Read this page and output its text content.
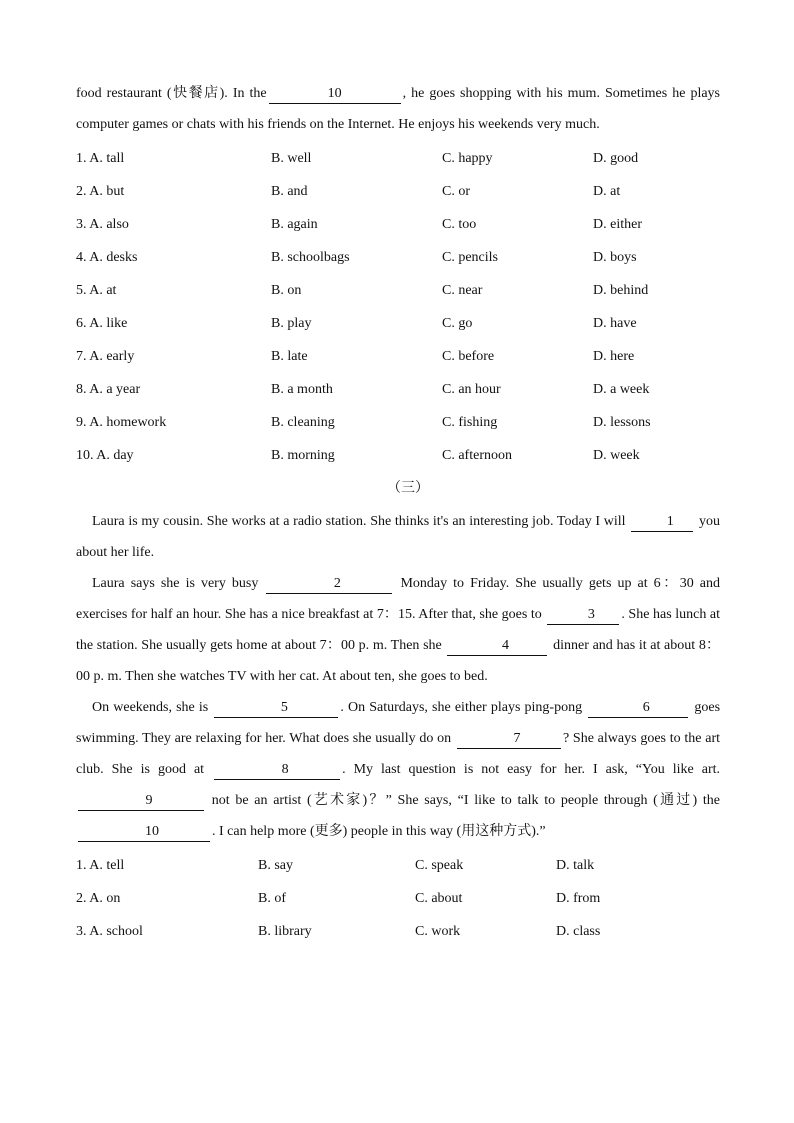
food restaurant (快餐店). In the	10	, he goes shopping with his mum. Sometimes he plays computer games or chats with his friends on the Internet. He enjoys his weekends very much.

1. A. tall	B. well	C. happy	D. good
2. A. but	B. and	C. or	D. at
3. A. also	B. again	C. too	D. either
4. A. desks	B. schoolbags	C. pencils	D. boys
5. A. at	B. on	C. near	D. behind
6. A. like	B. play	C. go	D. have
7. A. early	B. late	C. before	D. here
8. A. a year	B. a month	C. an hour	D. a week
9. A. homework	B. cleaning	C. fishing	D. lessons
10. A. day	B. morning	C. afternoon	D. week

（三）

Laura is my cousin. She works at a radio station. She thinks it's an interesting job. Today I will	1 you about her life.

Laura says she is very busy	2	Monday to Friday. She usually gets up at 6：30 and exercises for half an hour. She has a nice breakfast at 7：15. After that, she goes to	3 . She has lunch at the station. She usually gets home at about 7：00 p. m. Then she	4	dinner and has it at about 8：00 p. m. Then she watches TV with her cat. At about ten, she goes to bed.

On weekends, she is	5	. On Saturdays, she either plays ping-pong	6	goes swimming. They are relaxing for her. What does she usually do on	7	? She always goes to the art club. She is good at	8	. My last question is not easy for her. I ask, “You like art. 9	not be an artist (艺术家)？” She says, “I like to talk to people through (通过) the 10	. I can help more (更多) people in this way (用这种方式).”

1. A. tell	B. say	C. speak	D. talk
2. A. on	B. of	C. about	D. from
3. A. school	B. library	C. work	D. class
